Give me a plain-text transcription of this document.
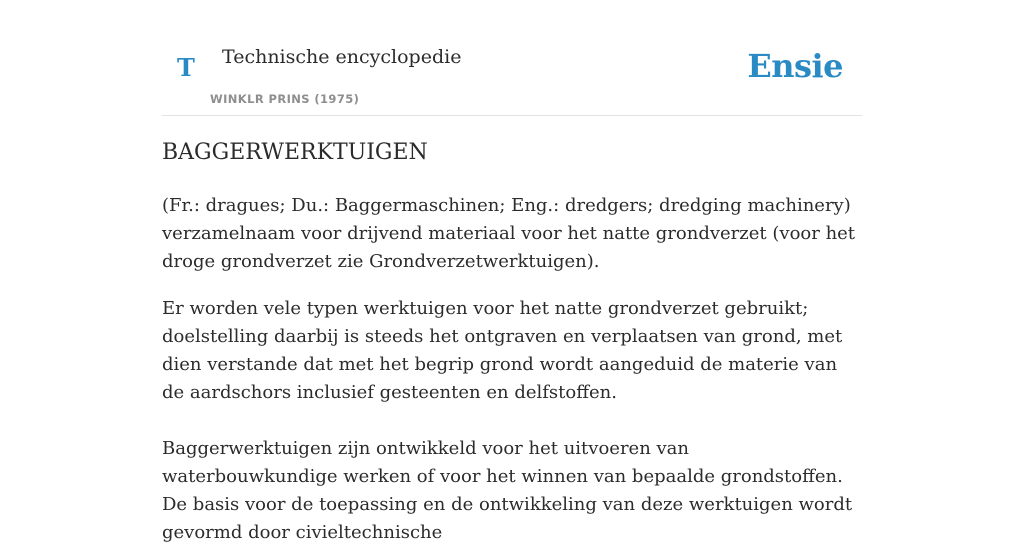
T Technische encyclopedie
WINKLR PRINS (1975)
Ensie
BAGGERWERKTUIGEN

(Fr.: dragues; Du.: Baggermaschinen; Eng.: dredgers; dredging machinery) verzamelnaam voor drijvend materiaal voor het natte grondverzet (voor het droge grondverzet zie Grondverzetwerktuigen).

Er worden vele typen werktuigen voor het natte grondverzet gebruikt; doelstelling daarbij is steeds het ontgraven en verplaatsen van grond, met dien verstande dat met het begrip grond wordt aangeduid de materie van de aardschors inclusief gesteenten en delfstoffen.

Baggerwerktuigen zijn ontwikkeld voor het uitvoeren van waterbouwkundige werken of voor het winnen van bepaalde grondstoffen. De basis voor de toepassing en de ontwikkeling van deze werktuigen wordt gevormd door civieltechnische
